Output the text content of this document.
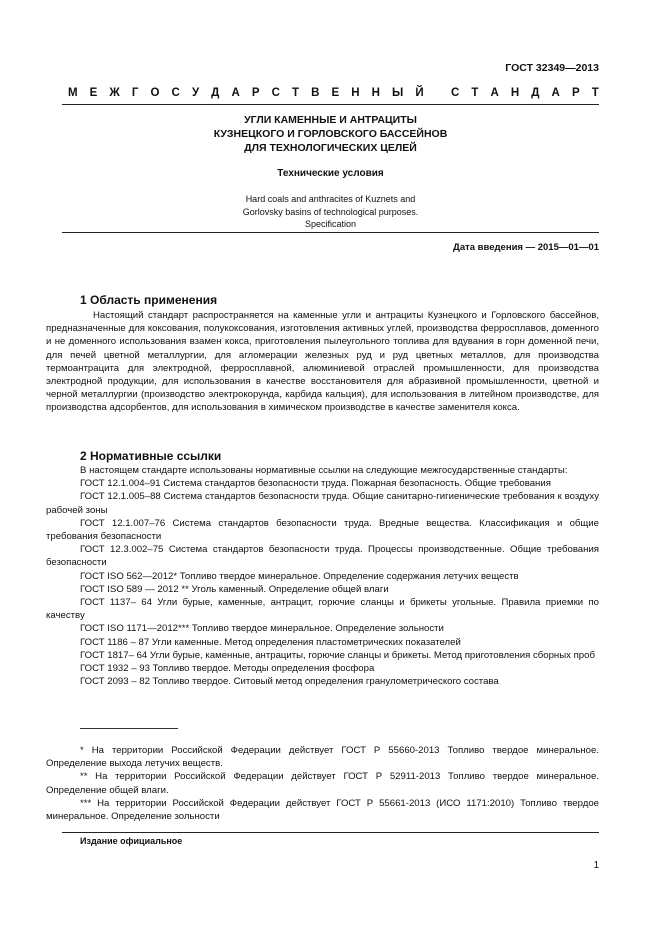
ГОСТ 32349—2013
М Е Ж Г О С У Д А Р С Т В Е Н Н Ы Й
С Т А Н Д А Р Т
УГЛИ КАМЕННЫЕ И АНТРАЦИТЫ
КУЗНЕЦКОГО И ГОРЛОВСКОГО БАССЕЙНОВ
ДЛЯ ТЕХНОЛОГИЧЕСКИХ ЦЕЛЕЙ
Технические условия
Hard coals and anthracites of Kuznets and
Gorlovsky basins of technological purposes.
Specification
Дата введения — 2015—01—01
1 Область применения

Настоящий стандарт распространяется на каменные угли и антрациты Кузнецкого и Горловского бассейнов, предназначенные для коксования, полукоксования, изготовления активных углей, производства ферросплавов, доменного и не доменного использования взамен кокса, приготовления пылеугольного топлива для вдувания в горн доменной печи, для печей цветной металлургии, для агломерации железных руд и руд цветных металлов, для производства термоантрацита для электродной, ферросплавной, алюминиевой отраслей промышленности, для производства электродной продукции, для использования в качестве восстановителя для абразивной промышленности, цветной и черной металлургии (производство электрокорунда, карбида кальция), для использования в литейном производстве, для производства адсорбентов, для использования в химическом производстве в качестве заменителя кокса.

2 Нормативные ссылки

В настоящем стандарте использованы нормативные ссылки на следующие межгосударственные стандарты:

ГОСТ 12.1.004–91 Система стандартов безопасности труда. Пожарная безопасность. Общие требования

ГОСТ 12.1.005–88 Система стандартов безопасности труда. Общие санитарно-гигиенические требования к воздуху рабочей зоны

ГОСТ 12.1.007–76 Система стандартов безопасности труда. Вредные вещества. Классификация и общие требования безопасности

ГОСТ 12.3.002–75 Система стандартов безопасности труда. Процессы производственные. Общие требования безопасности

ГОСТ ISO 562—2012* Топливо твердое минеральное. Определение содержания летучих веществ

ГОСТ ISO 589 — 2012 ** Уголь каменный. Определение общей влаги

ГОСТ 1137– 64 Угли бурые, каменные, антрацит, горючие сланцы и брикеты угольные. Правила приемки по качеству

ГОСТ ISO 1171—2012*** Топливо твердое минеральное. Определение зольности

ГОСТ 1186 – 87 Угли каменные. Метод определения пластометрических показателей

ГОСТ 1817– 64 Угли бурые, каменные, антрациты, горючие сланцы и брикеты. Метод приготовления сборных проб

ГОСТ 1932 – 93 Топливо твердое. Методы определения фосфора

ГОСТ 2093 – 82 Топливо твердое. Ситовый метод определения гранулометрического состава

* На территории Российской Федерации действует ГОСТ Р 55660-2013 Топливо твердое минеральное. Определение выхода летучих веществ.

** На территории Российской Федерации действует ГОСТ Р 52911-2013 Топливо твердое минеральное. Определение общей влаги.

*** На территории Российской Федерации действует ГОСТ Р 55661-2013 (ИСО 1171:2010) Топливо твердое минеральное. Определение зольности

Издание официальное
1
